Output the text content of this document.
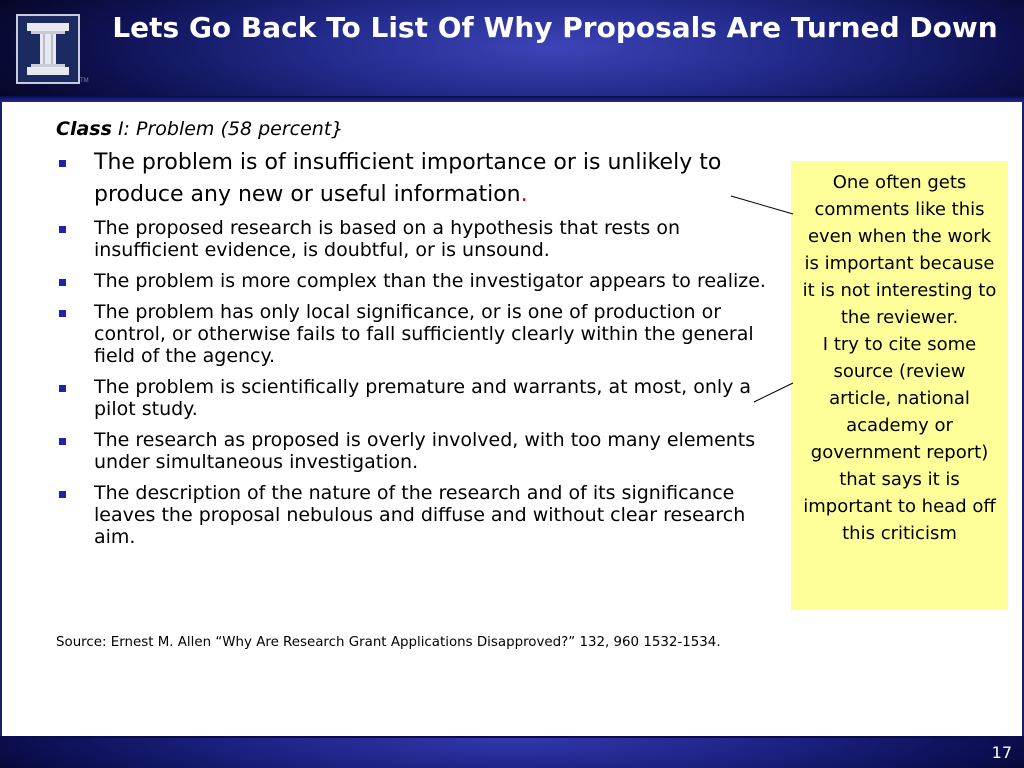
TM
Lets Go Back To List Of Why Proposals Are Turned Down
Class I: Problem (58 percent}
The problem is of insufficient importance or is unlikely to produce any new or useful information.
The proposed research is based on a hypothesis that rests on insufficient evidence, is doubtful, or is unsound.
The problem is more complex than the investigator appears to realize.
The problem has only local significance, or is one of production or control, or otherwise fails to fall sufficiently clearly within the general field of the agency.
The problem is scientifically premature and warrants, at most, only a pilot study.
The research as proposed is overly involved, with too many elements under simultaneous investigation.
The description of the nature of the research and of its significance leaves the proposal nebulous and diffuse and without clear research aim.
Source: Ernest M. Allen “Why Are Research Grant Applications Disapproved?” 132, 960 1532-1534.

One often gets comments like this even when the work is important because it is not interesting to the reviewer.

I try to cite some source (review article, national academy or government report) that says it is important to head off this criticism

17
